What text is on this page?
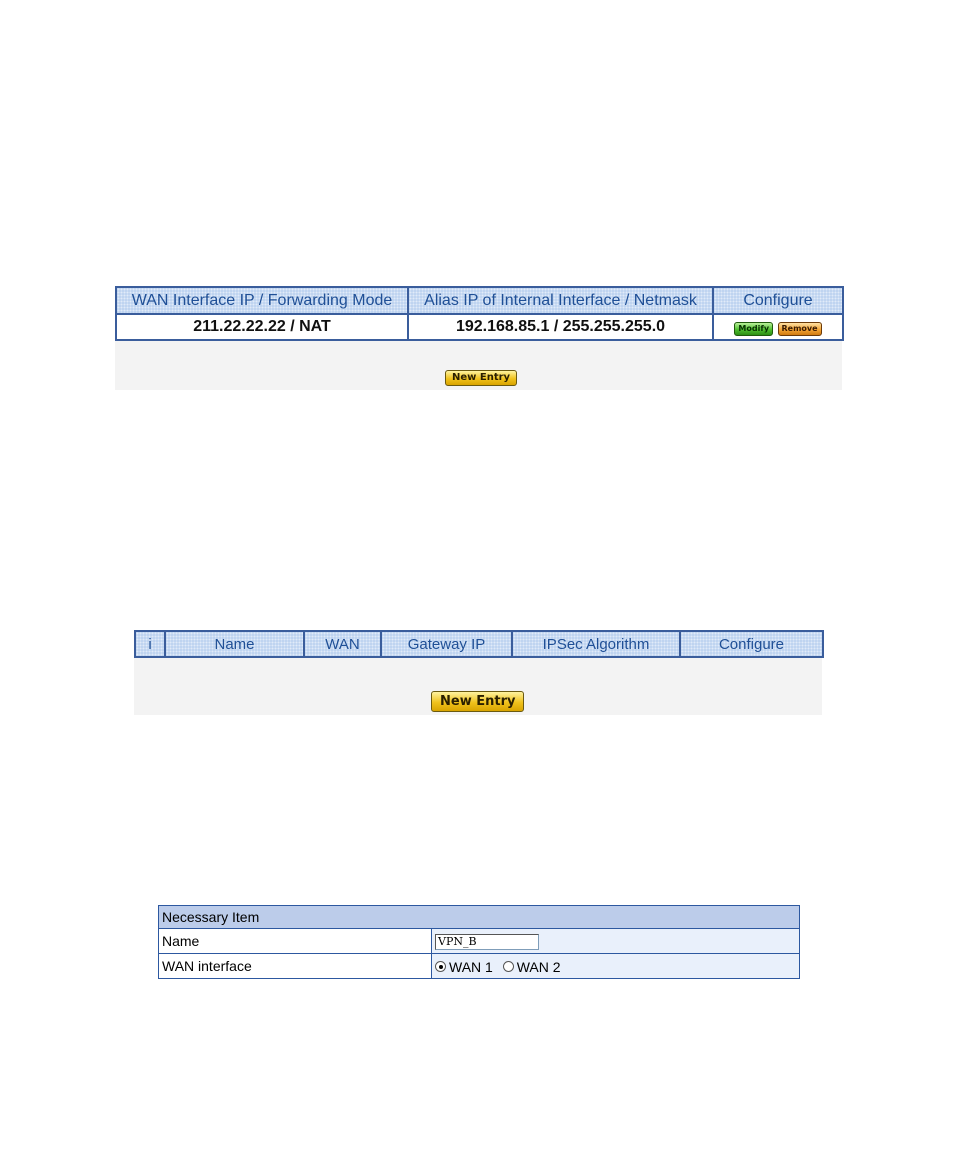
WAN Interface IP / Forwarding Mode	Alias IP of Internal Interface / Netmask	Configure
211.22.22.22 / NAT	192.168.85.1 / 255.255.255.0	Modify Remove
New Entry
i	Name	WAN	Gateway IP	IPSec Algorithm	Configure
New Entry
Necessary Item	
Name	VPN_B
WAN interface	WAN 1 WAN 2
